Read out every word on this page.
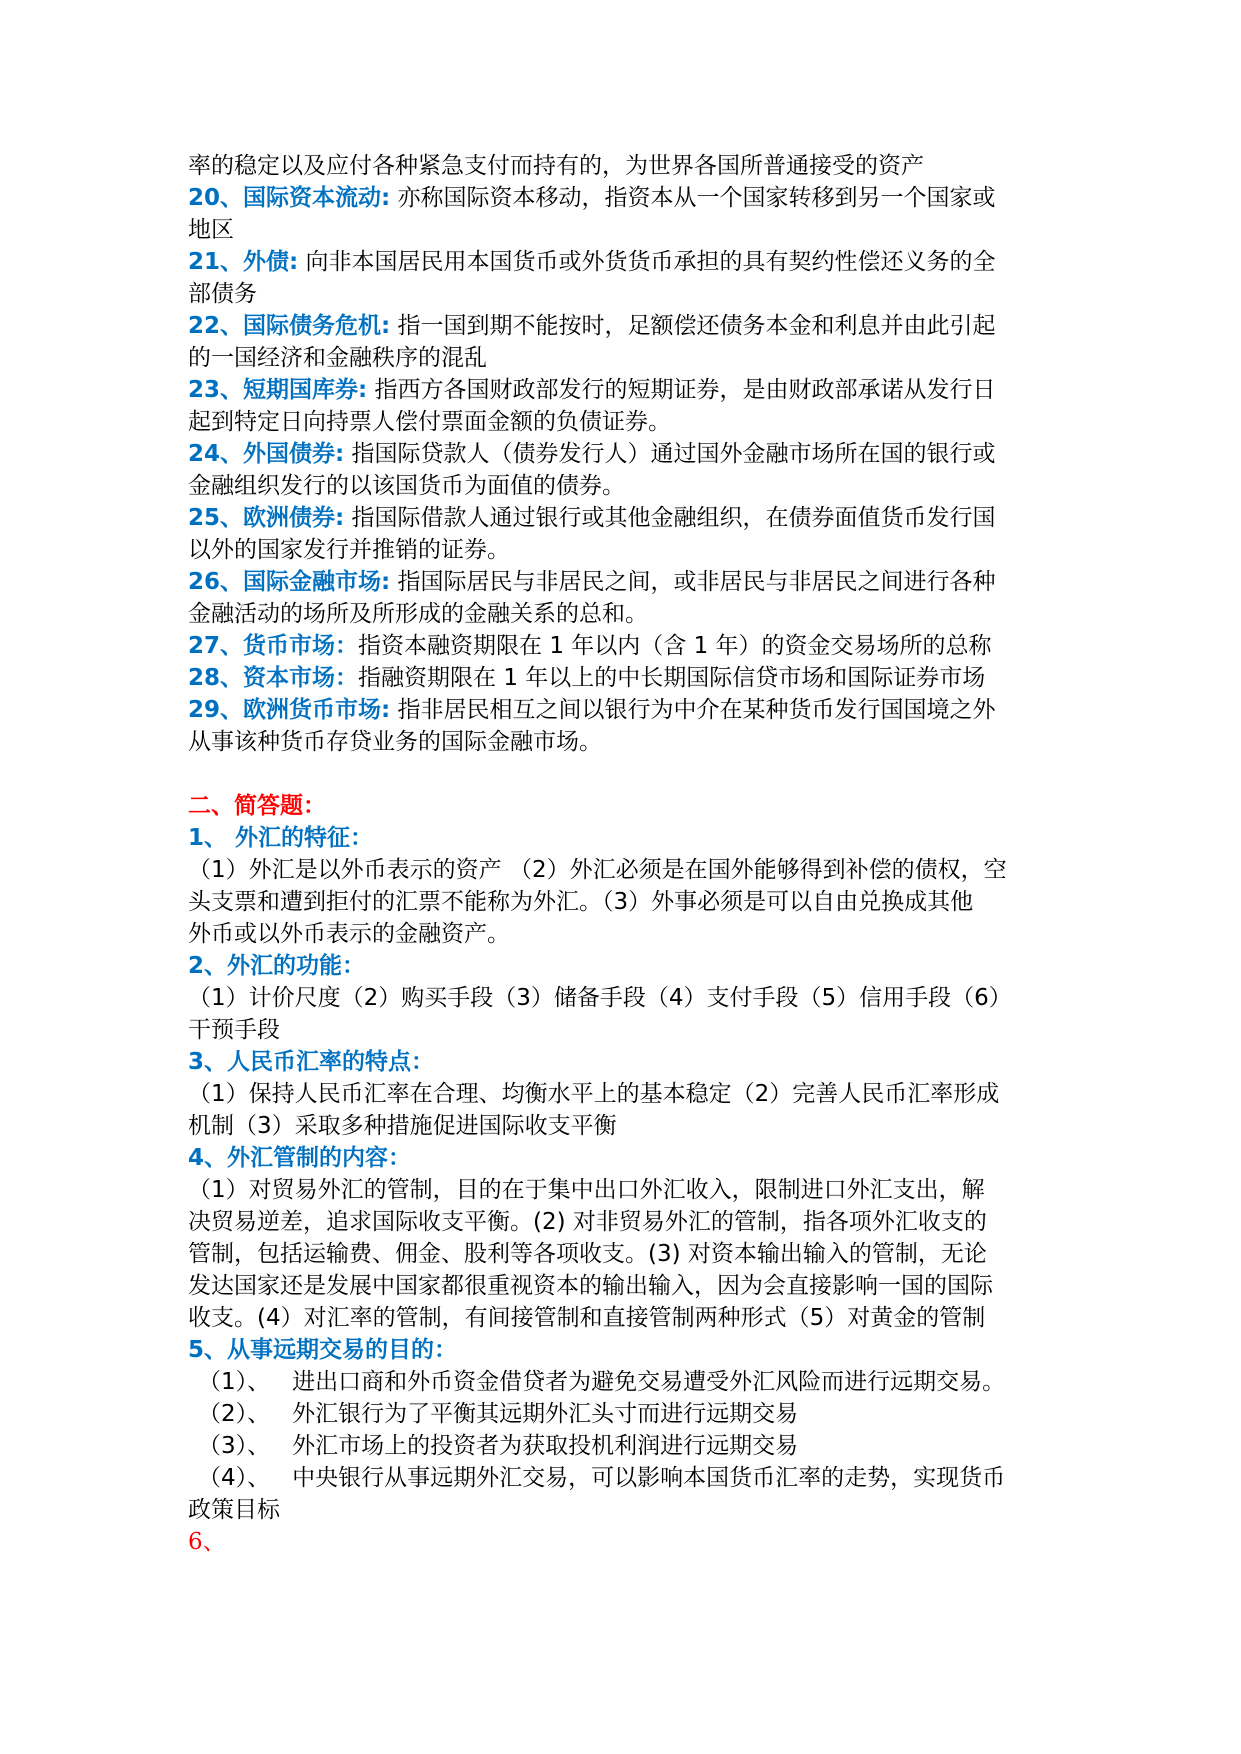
率的稳定以及应付各种紧急支付而持有的，为世界各国所普通接受的资产
20、国际资本流动: 亦称国际资本移动，指资本从一个国家转移到另一个国家或
地区
21、外债: 向非本国居民用本国货币或外货货币承担的具有契约性偿还义务的全
部债务
22、国际债务危机: 指一国到期不能按时，足额偿还债务本金和利息并由此引起
的一国经济和金融秩序的混乱
23、短期国库券: 指西方各国财政部发行的短期证券，是由财政部承诺从发行日
起到特定日向持票人偿付票面金额的负债证券。
24、外国债券: 指国际贷款人（债券发行人）通过国外金融市场所在国的银行或
金融组织发行的以该国货币为面值的债券。
25、欧洲债券: 指国际借款人通过银行或其他金融组织，在债券面值货币发行国
以外的国家发行并推销的证券。
26、国际金融市场: 指国际居民与非居民之间，或非居民与非居民之间进行各种
金融活动的场所及所形成的金融关系的总和。
27、货币市场：指资本融资期限在 1 年以内（含 1 年）的资金交易场所的总称
28、资本市场：指融资期限在 1 年以上的中长期国际信贷市场和国际证券市场
29、欧洲货币市场: 指非居民相互之间以银行为中介在某种货币发行国国境之外
从事该种货币存贷业务的国际金融市场。
二、简答题：
1、 外汇的特征：
（1）外汇是以外币表示的资产 （2）外汇必须是在国外能够得到补偿的债权，空
头支票和遭到拒付的汇票不能称为外汇。（3）外事必须是可以自由兑换成其他
外币或以外币表示的金融资产。
2、外汇的功能：
（1）计价尺度（2）购买手段（3）储备手段（4）支付手段（5）信用手段（6）
干预手段
3、人民币汇率的特点：
（1）保持人民币汇率在合理、均衡水平上的基本稳定（2）完善人民币汇率形成
机制（3）采取多种措施促进国际收支平衡
4、外汇管制的内容：
（1）对贸易外汇的管制，目的在于集中出口外汇收入，限制进口外汇支出，解
决贸易逆差，追求国际收支平衡。(2) 对非贸易外汇的管制，指各项外汇收支的
管制，包括运输费、佣金、股利等各项收支。(3) 对资本输出输入的管制，无论
发达国家还是发展中国家都很重视资本的输出输入，因为会直接影响一国的国际
收支。(4）对汇率的管制，有间接管制和直接管制两种形式（5）对黄金的管制
5、从事远期交易的目的：
（1）、 进出口商和外币资金借贷者为避免交易遭受外汇风险而进行远期交易。
（2）、 外汇银行为了平衡其远期外汇头寸而进行远期交易
（3）、 外汇市场上的投资者为获取投机利润进行远期交易
（4）、 中央银行从事远期外汇交易，可以影响本国货币汇率的走势，实现货币
政策目标
6、
